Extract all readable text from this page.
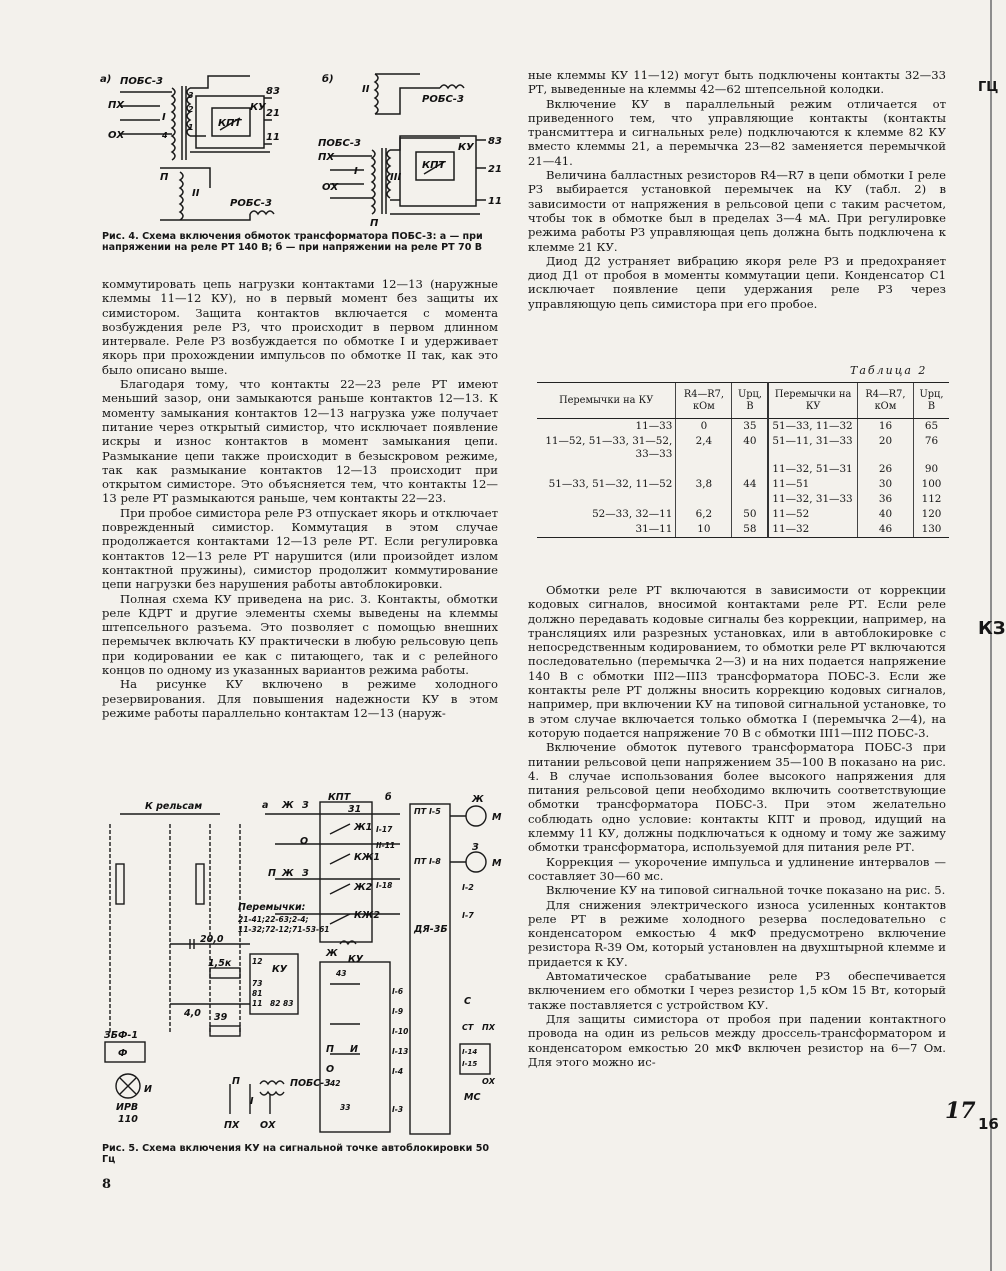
а) ПОБС-3
ПХ
ОХ
I
П
КПТ
КУ
83
21
11
II
РОБС-3
б)
II
РОБС-3
ПОБС-3
ПХ
ОХ
I
III
КПТ
КУ
83
21
11
П
3
2
1
4
Рис. 4. Схема включения обмоток трансформатора ПОБС-3: а — при напряжении на реле РТ 140 В; б — при напряжении на реле РТ 70 В

коммутировать цепь нагрузки контактами 12—13 (наружные клеммы 11—12 КУ), но в первый момент без защиты их симистором. Защита контактов включается с момента возбуждения реле РЗ, что происходит в первом длинном интервале. Реле РЗ возбуждается по обмотке I и удерживает якорь при прохождении импульсов по обмотке II так, как это было описано выше.

Благодаря тому, что контакты 22—23 реле РТ имеют меньший зазор, они замыкаются раньше контактов 12—13. К моменту замыкания контактов 12—13 нагрузка уже получает питание через открытый симистор, что исключает появление искры и износ контактов в момент замыкания цепи. Размыкание цепи также происходит в безыскровом режиме, так как размыкание контактов 12—13 происходит при открытом симисторе. Это объясняется тем, что контакты 12—13 реле РТ размыкаются раньше, чем контакты 22—23.

При пробое симистора реле РЗ отпускает якорь и отключает поврежденный симистор. Коммутация в этом случае продолжается контактами 12—13 реле РТ. Если регулировка контактов 12—13 реле РТ нарушится (или произойдет излом контактной пружины), симистор продолжит коммутирование цепи нагрузки без нарушения работы автоблокировки.

Полная схема КУ приведена на рис. 3. Контакты, обмотки реле КДРТ и другие элементы схемы выведены на клеммы штепсельного разъема. Это позволяет с помощью внешних перемычек включать КУ практически в любую рельсовую цепь при кодировании ее как с питающего, так и с релейного концов по одному из указанных вариантов режима работы.

На рисунке КУ включено в режиме холодного резервирования. Для повышения надежности КУ в этом режиме работы параллельно контактам 12—13 (наруж-

К рельсам	а Ж З
КПТ	б
31
Ж1 I-17
О
КЖ1
II-11
П Ж З
Ж2 I-18
КЖ2
Перемычки:
21-41;22-63;2-4;
11-32;72-12;71-53-61
ПТ I-5
Ж
М
З
М
ПТ I-8
I-2
I-7
ДЯ-3Б
20,0
1,5к
КУ
12
73
81
11 82 83
4,0 39
ЗБФ-1
Ф
И
ИРВ
110
П	ПОБС-3
I
ПХ ОХ
Ж
КУ
43
I-6
I-9
I-10
П И	I-13
О	I-4
42
33	I-3
С
СТ ПХ
I-14
I-15
ОХ
МС
Рис. 5. Схема включения КУ на сигнальной точке автоблокировки 50 Гц
8

ные клеммы КУ 11—12) могут быть подключены контакты 32—33 РТ, выведенные на клеммы 42—62 штепсельной колодки.

Включение КУ в параллельный режим отличается от приведенного тем, что управляющие контакты (контакты трансмиттера и сигнальных реле) подключаются к клемме 82 КУ вместо клеммы 21, а перемычка 23—82 заменяется перемычкой 21—41.

Величина балластных резисторов R4—R7 в цепи обмотки I реле РЗ выбирается установкой перемычек на КУ (табл. 2) в зависимости от напряжения в рельсовой цепи с таким расчетом, чтобы ток в обмотке был в пределах 3—4 мА. При регулировке режима работы РЗ управляющая цепь должна быть подключена к клемме 21 КУ.

Диод Д2 устраняет вибрацию якоря реле РЗ и предохраняет диод Д1 от пробоя в моменты коммутации цепи. Конденсатор С1 исключает появление цепи удержания реле РЗ через управляющую цепь симистора при его пробое.

Таблица 2
Перемычки на КУ	R4—R7, кОм	Uрц, В	Перемычки на КУ	R4—R7, кОм	Uрц, В
11—33	0	35	51—33, 11—32	16	65
11—52, 51—33, 31—52, 33—33	2,4	40	51—11, 31—33	20	76
			11—32, 51—31	26	90
51—33, 51—32, 11—52	3,8	44	11—51	30	100
			11—32, 31—33	36	112
52—33, 32—11	6,2	50	11—52	40	120
31—11	10	58	11—32	46	130

Обмотки реле РТ включаются в зависимости от коррекции кодовых сигналов, вносимой контактами реле РТ. Если реле должно передавать кодовые сигналы без коррекции, например, на трансляциях или разрезных установках, или в автоблокировке с непосредственным кодированием, то обмотки реле РТ включаются последовательно (перемычка 2—3) и на них подается напряжение 140 В с обмотки III2—III3 трансформатора ПОБС-3. Если же контакты реле РТ должны вносить коррекцию кодовых сигналов, например, при включении КУ на типовой сигнальной установке, то в этом случае включается только обмотка I (перемычка 2—4), на которую подается напряжение 70 В с обмотки III1—III2 ПОБС-3.

Включение обмоток путевого трансформатора ПОБС-3 при питании рельсовой цепи напряжением 35—100 В показано на рис. 4. В случае использования более высокого напряжения для питания рельсовой цепи необходимо включить соответствующие обмотки трансформатора ПОБС-3. При этом желательно соблюдать одно условие: контакты КПТ и провод, идущий на клемму 11 КУ, должны подключаться к одному и тому же зажиму обмотки трансформатора, используемой для питания реле РТ.

Коррекция — укорочение импульса и удлинение интервалов — составляет 30—60 мс.

Включение КУ на типовой сигнальной точке показано на рис. 5.

Для снижения электрического износа усиленных контактов реле РТ в режиме холодного резерва последовательно с конденсатором емкостью 4 мкФ предусмотрено включение резистора R-39 Ом, который установлен на двухштырной клемме и придается к КУ.

Автоматическое срабатывание реле РЗ обеспечивается включением его обмотки I через резистор 1,5 кОм 15 Вт, который также поставляется с устройством КУ.

Для защиты симистора от пробоя при падении контактного провода на один из рельсов между дроссель-трансформатором и конденсатором емкостью 20 мкФ включен резистор на 6—7 Ом. Для этого можно ис-

17
ГЦ
КЗ
16
